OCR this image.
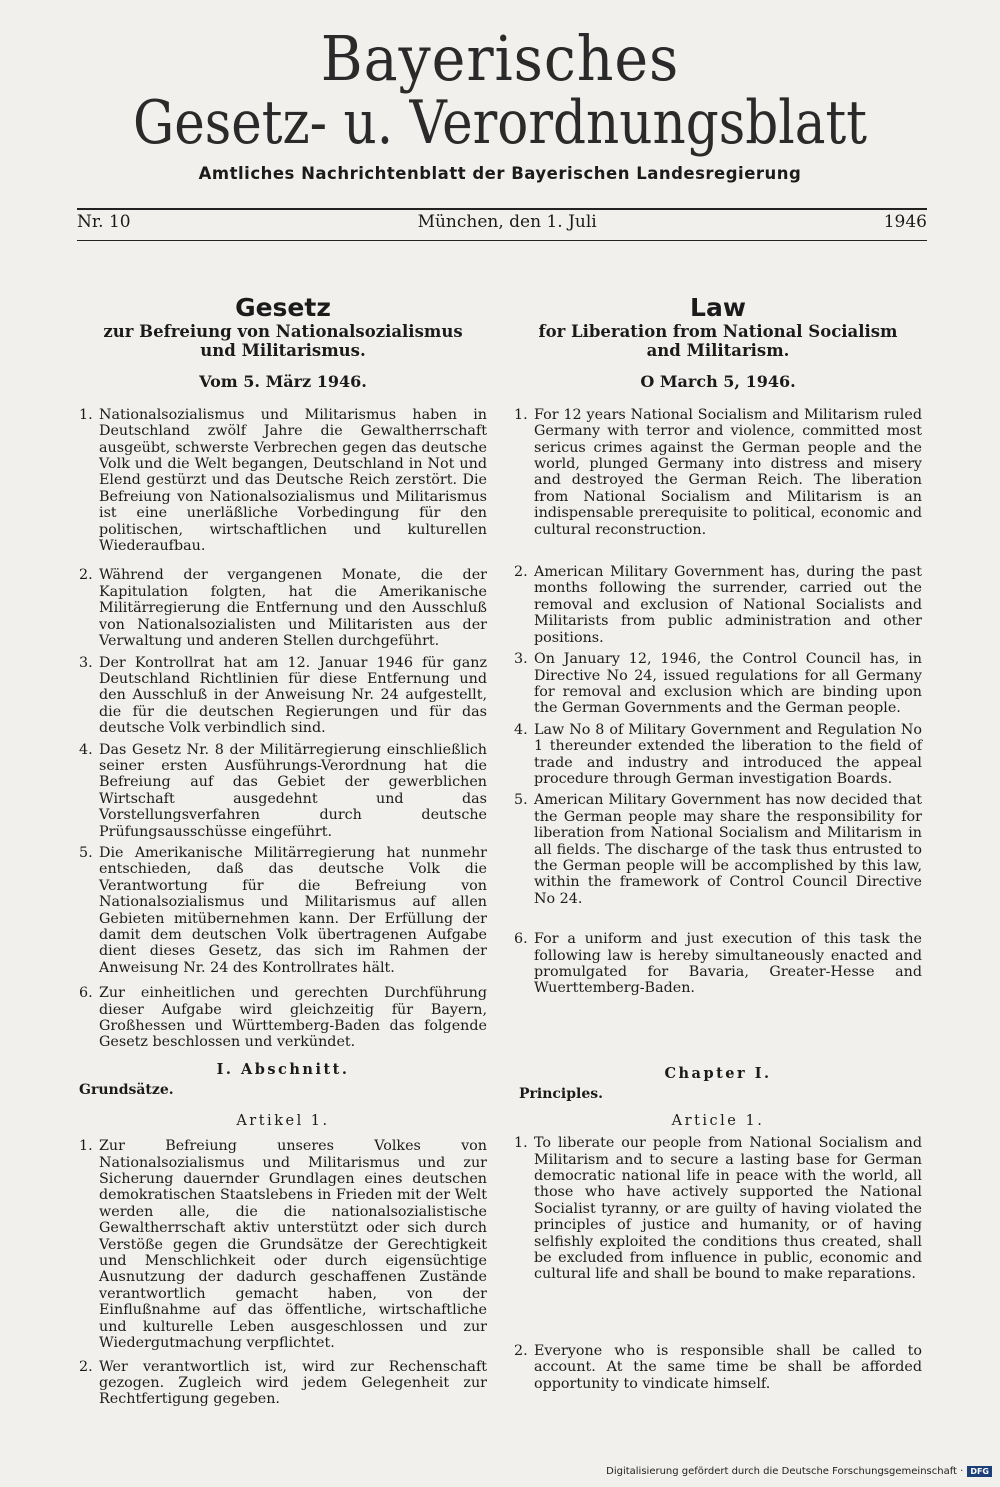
Bayerisches
Gesetz- u. Verordnungsblatt
Amtliches Nachrichtenblatt der Bayerischen Landesregierung
Nr. 10	München, den 1. Juli	1946
Gesetz
zur Befreiung von Nationalsozialismus
und Militarismus.
Vom 5. März 1946.
1. Nationalsozialismus und Militarismus haben in Deutschland zwölf Jahre die Gewaltherrschaft ausgeübt, schwerste Verbrechen gegen das deutsche Volk und die Welt begangen, Deutschland in Not und Elend gestürzt und das Deutsche Reich zerstört. Die Befreiung von Nationalsozialismus und Militarismus ist eine unerläßliche Vorbedingung für den politischen, wirtschaftlichen und kulturellen Wiederaufbau.
2. Während der vergangenen Monate, die der Kapitulation folgten, hat die Amerikanische Militärregierung die Entfernung und den Ausschluß von Nationalsozialisten und Militaristen aus der Verwaltung und anderen Stellen durchgeführt.
3. Der Kontrollrat hat am 12. Januar 1946 für ganz Deutschland Richtlinien für diese Entfernung und den Ausschluß in der Anweisung Nr. 24 aufgestellt, die für die deutschen Regierungen und für das deutsche Volk verbindlich sind.
4. Das Gesetz Nr. 8 der Militärregierung einschließlich seiner ersten Ausführungs-Verordnung hat die Befreiung auf das Gebiet der gewerblichen Wirtschaft ausgedehnt und das Vorstellungsverfahren durch deutsche Prüfungsausschüsse eingeführt.
5. Die Amerikanische Militärregierung hat nunmehr entschieden, daß das deutsche Volk die Verantwortung für die Befreiung von Nationalsozialismus und Militarismus auf allen Gebieten mitübernehmen kann. Der Erfüllung der damit dem deutschen Volk übertragenen Aufgabe dient dieses Gesetz, das sich im Rahmen der Anweisung Nr. 24 des Kontrollrates hält.
6. Zur einheitlichen und gerechten Durchführung dieser Aufgabe wird gleichzeitig für Bayern, Großhessen und Württemberg-Baden das folgende Gesetz beschlossen und verkündet.
I. Abschnitt.
Grundsätze.
Artikel 1.
1. Zur Befreiung unseres Volkes von Nationalsozialismus und Militarismus und zur Sicherung dauernder Grundlagen eines deutschen demokratischen Staatslebens in Frieden mit der Welt werden alle, die die nationalsozialistische Gewaltherrschaft aktiv unterstützt oder sich durch Verstöße gegen die Grundsätze der Gerechtigkeit und Menschlichkeit oder durch eigensüchtige Ausnutzung der dadurch geschaffenen Zustände verantwortlich gemacht haben, von der Einflußnahme auf das öffentliche, wirtschaftliche und kulturelle Leben ausgeschlossen und zur Wiedergutmachung verpflichtet.
2. Wer verantwortlich ist, wird zur Rechenschaft gezogen. Zugleich wird jedem Gelegenheit zur Rechtfertigung gegeben.
Law
for Liberation from National Socialism
and Militarism.
O March 5, 1946.
1. For 12 years National Socialism and Militarism ruled Germany with terror and violence, committed most sericus crimes against the German people and the world, plunged Germany into distress and misery and destroyed the German Reich. The liberation from National Socialism and Militarism is an indispensable prerequisite to political, economic and cultural reconstruction.
2. American Military Government has, during the past months following the surrender, carried out the removal and exclusion of National Socialists and Militarists from public administration and other positions.
3. On January 12, 1946, the Control Council has, in Directive No 24, issued regulations for all Germany for removal and exclusion which are binding upon the German Governments and the German people.
4. Law No 8 of Military Government and Regulation No 1 thereunder extended the liberation to the field of trade and industry and introduced the appeal procedure through German investigation Boards.
5. American Military Government has now decided that the German people may share the responsibility for liberation from National Socialism and Militarism in all fields. The discharge of the task thus entrusted to the German people will be accomplished by this law, within the framework of Control Council Directive No 24.
6. For a uniform and just execution of this task the following law is hereby simultaneously enacted and promulgated for Bavaria, Greater-Hesse and Wuerttemberg-Baden.
Chapter I.
Principles.
Article 1.
1. To liberate our people from National Socialism and Militarism and to secure a lasting base for German democratic national life in peace with the world, all those who have actively supported the National Socialist tyranny, or are guilty of having violated the principles of justice and humanity, or of having selfishly exploited the conditions thus created, shall be excluded from influence in public, economic and cultural life and shall be bound to make reparations.
2. Everyone who is responsible shall be called to account. At the same time be shall be afforded opportunity to vindicate himself.
Digitalisierung gefördert durch die Deutsche Forschungsgemeinschaft · DFG
